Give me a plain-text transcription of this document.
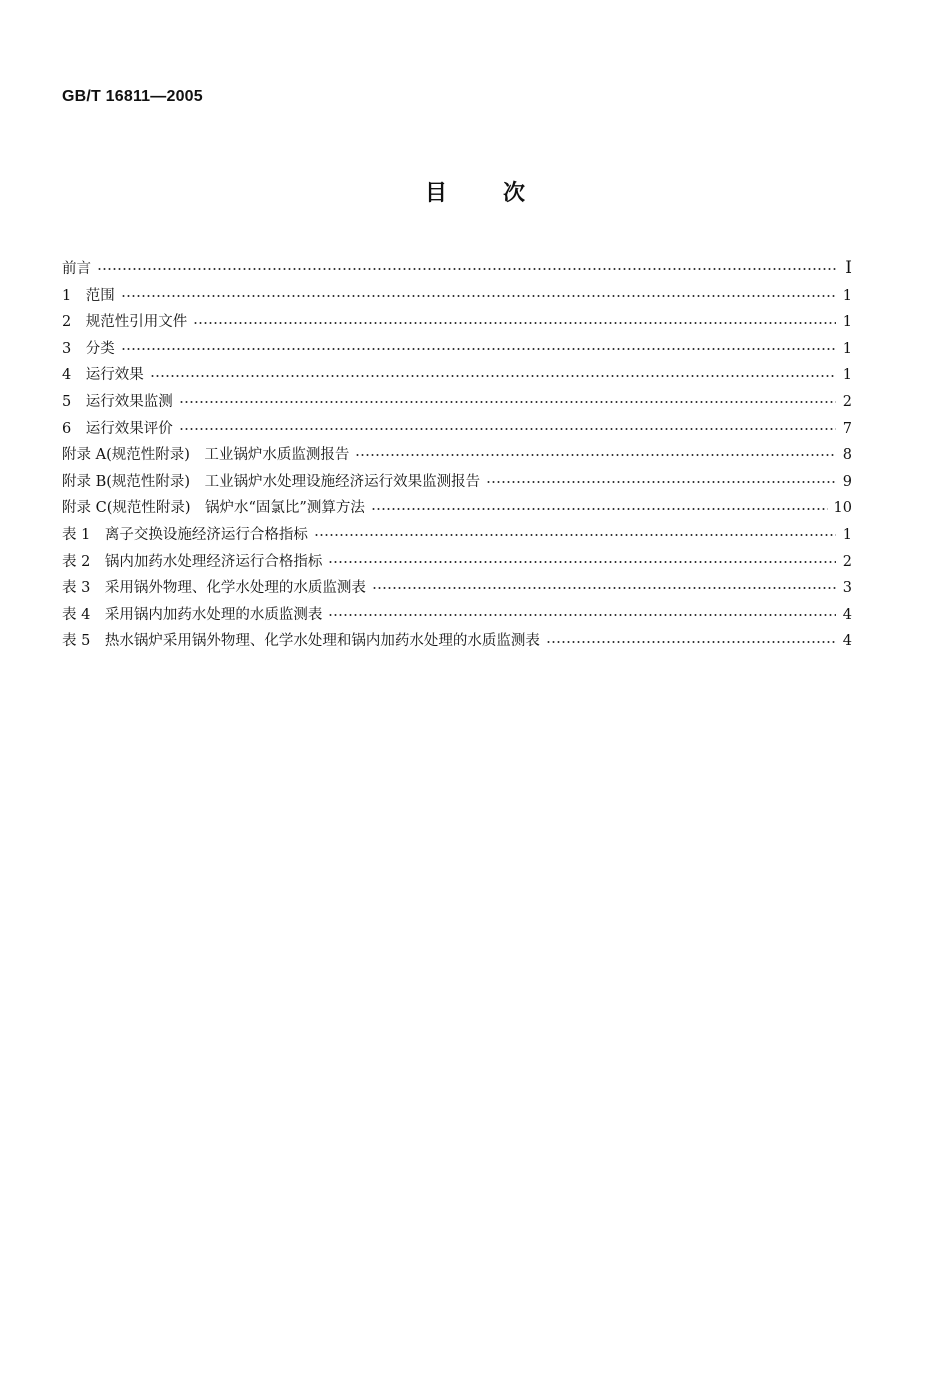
GB/T 16811—2005
目次
前言	I
1　范围	1
2　规范性引用文件	1
3　分类	1
4　运行效果	1
5　运行效果监测	2
6　运行效果评价	7
附录 A(规范性附录)　工业锅炉水质监测报告	8
附录 B(规范性附录)　工业锅炉水处理设施经济运行效果监测报告	9
附录 C(规范性附录)　锅炉水“固氯比”测算方法	10
表 1　离子交换设施经济运行合格指标	1
表 2　锅内加药水处理经济运行合格指标	2
表 3　采用锅外物理、化学水处理的水质监测表	3
表 4　采用锅内加药水处理的水质监测表	4
表 5　热水锅炉采用锅外物理、化学水处理和锅内加药水处理的水质监测表	4
